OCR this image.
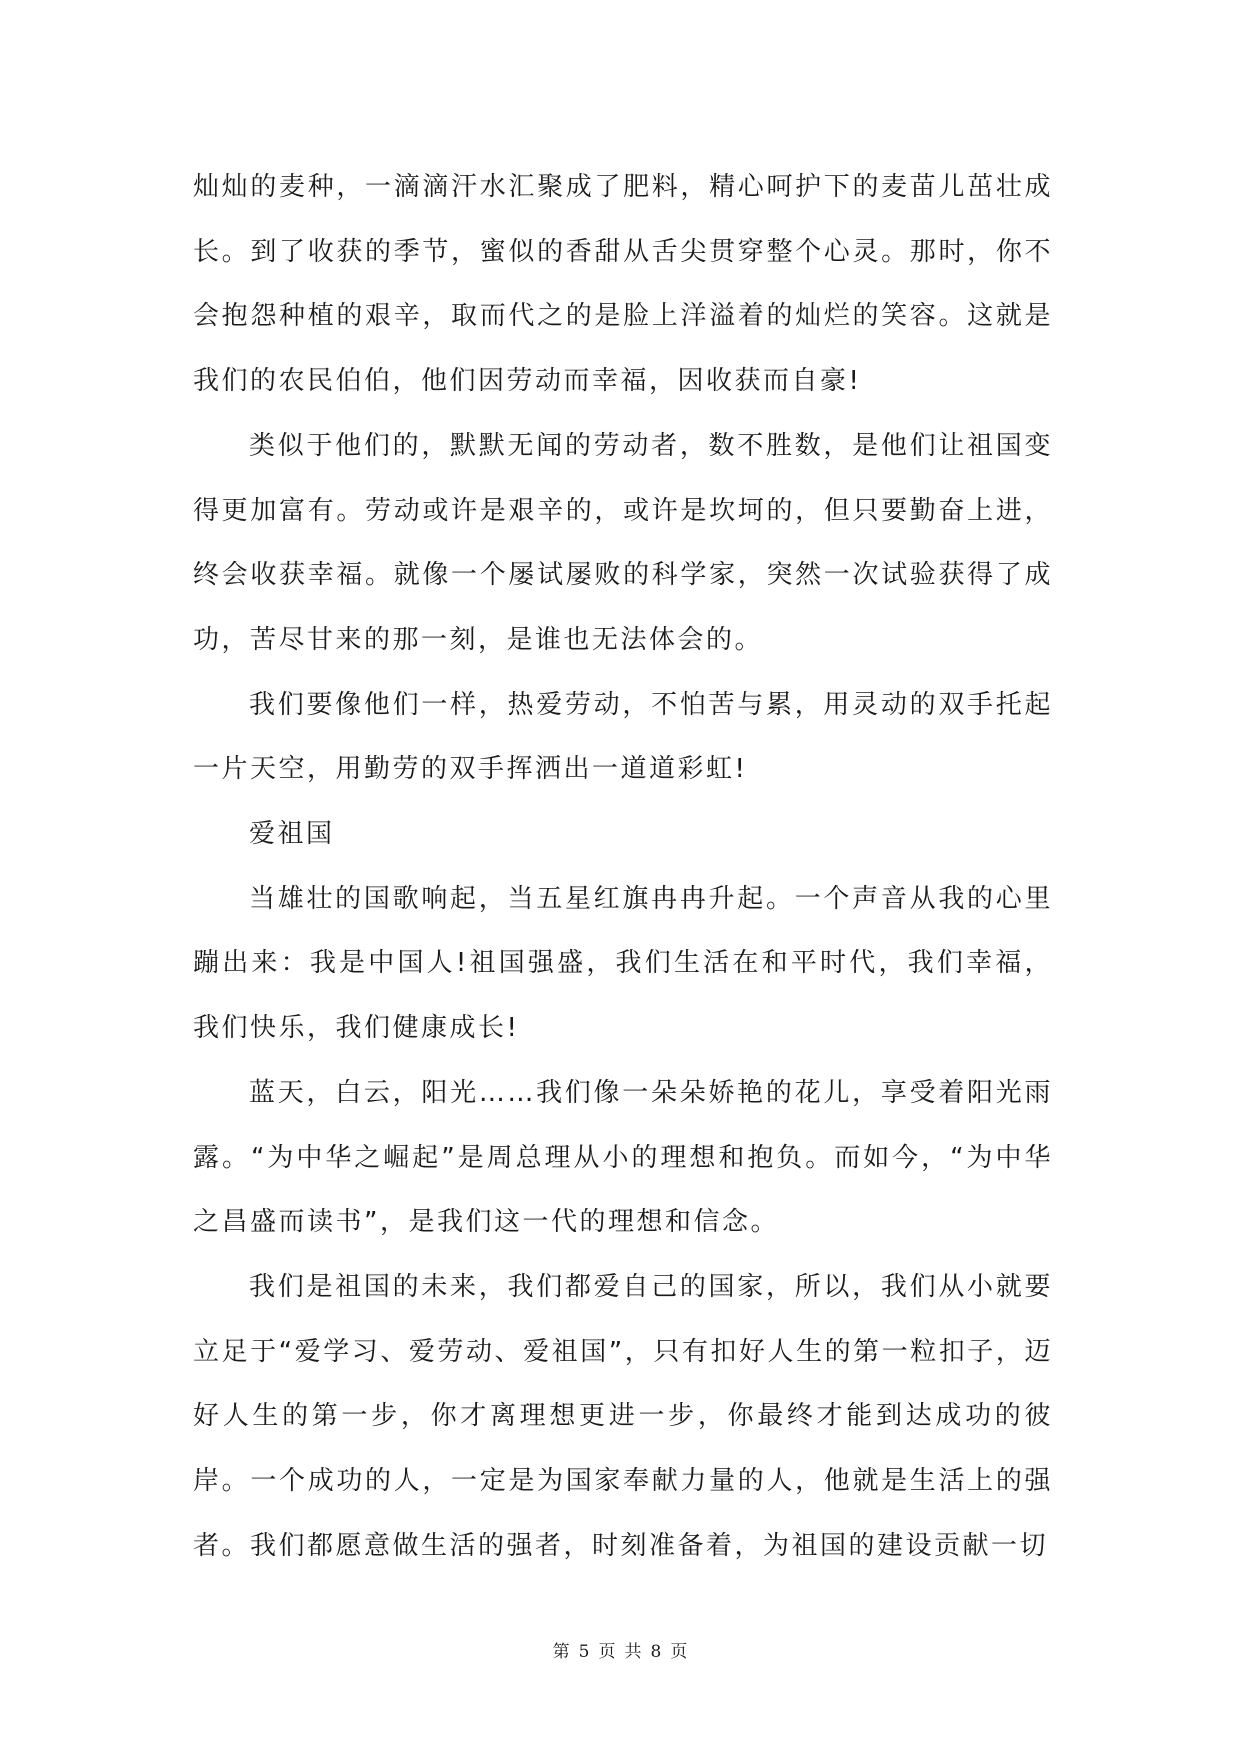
灿灿的麦种，一滴滴汗水汇聚成了肥料，精心呵护下的麦苗儿茁壮成长。到了收获的季节，蜜似的香甜从舌尖贯穿整个心灵。那时，你不会抱怨种植的艰辛，取而代之的是脸上洋溢着的灿烂的笑容。这就是我们的农民伯伯，他们因劳动而幸福，因收获而自豪!

类似于他们的，默默无闻的劳动者，数不胜数，是他们让祖国变得更加富有。劳动或许是艰辛的，或许是坎坷的，但只要勤奋上进，终会收获幸福。就像一个屡试屡败的科学家，突然一次试验获得了成功，苦尽甘来的那一刻，是谁也无法体会的。

我们要像他们一样，热爱劳动，不怕苦与累，用灵动的双手托起一片天空，用勤劳的双手挥洒出一道道彩虹!

爱祖国

当雄壮的国歌响起，当五星红旗冉冉升起。一个声音从我的心里蹦出来：我是中国人!祖国强盛，我们生活在和平时代，我们幸福，我们快乐，我们健康成长!

蓝天，白云，阳光……我们像一朵朵娇艳的花儿，享受着阳光雨露。“为中华之崛起”是周总理从小的理想和抱负。而如今，“为中华之昌盛而读书”，是我们这一代的理想和信念。

我们是祖国的未来，我们都爱自己的国家，所以，我们从小就要立足于“爱学习、爱劳动、爱祖国”，只有扣好人生的第一粒扣子，迈好人生的第一步，你才离理想更进一步，你最终才能到达成功的彼岸。一个成功的人，一定是为国家奉献力量的人，他就是生活上的强者。我们都愿意做生活的强者，时刻准备着，为祖国的建设贡献一切

第 5 页 共 8 页
